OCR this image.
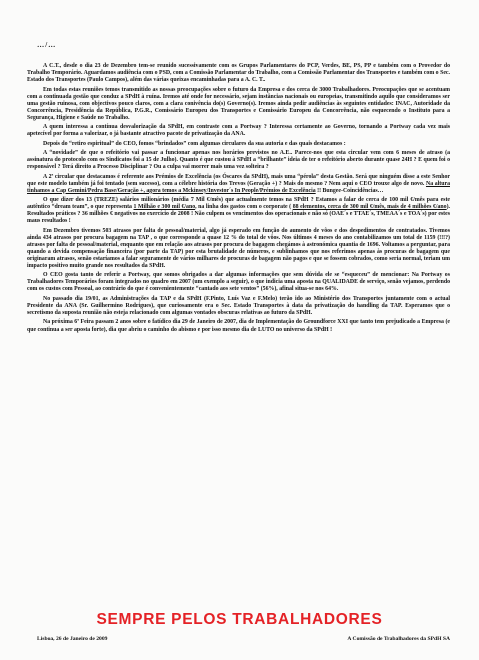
…/…

A C.T., desde o dia 23 de Dezembro tem-se reunido sucessivamente com os Grupos Parlamentares do PCP, Verdes, BE, PS, PP e também com o Provedor do Trabalho Temporário. Aguardamos audiência com o PSD, com a Comissão Parlamentar do Trabalho, com a Comissão Parlamentar dos Transportes e também com o Sec. Estado dos Transportes (Paulo Campos), além das várias queixas encaminhadas para a A. C. T..

Em todas estas reuniões temos transmitido as nossas preocupações sobre o futuro da Empresa e dos cerca de 3000 Trabalhadores. Preocupações que se acentuam com a continuada gestão que conduz a SPdH à ruína. Iremos até onde for necessário, sejam instâncias nacionais ou europeias, transmitindo aquilo que consideramos ser uma gestão ruinosa, com objectivos pouco claros, com a clara conivência do(s) Governo(s). Iremos ainda pedir audiências às seguintes entidades: INAC, Autoridade da Concorrência, Presidência da República, P.G.R., Comissário Europeu dos Transportes e Comissário Europeu da Concorrência, não esquecendo o Instituto para a Segurança, Higiene e Saúde no Trabalho.

A quem interessa a contínua desvalorização da SPdH, em contraste com a Portway ? Interessa certamente ao Governo, tornando a Portway cada vez mais apetecível por forma a valorizar, o já bastante atractivo pacote de privatização da ANA.

Depois do “retiro espiritual” do CEO, fomos “brindados” com algumas circulares da sua autoria e das quais destacamos :

A “novidade” de que o refeitório vai passar a funcionar apenas nos horários previstos no A.E.. Parece-nos que esta circular vem com 6 meses de atraso (a assinatura do protocolo com os Sindicatos foi a 15 de Julho). Quanto é que custou à SPdH a “brilhante” ideia de ter o refeitório aberto durante quase 24H ? E quem foi o responsável ? Terá direito a Processo Disciplinar ? Ou a culpa vai morrer mais uma vez solteira ?

A 2ª circular que destacamos é referente aos Prémios de Excelência (os Óscares da SPdH), mais uma “pérola” desta Gestão. Será que ninguém disse a este Senhor que este modelo também já foi tentado (sem sucesso), com a célebre história dos Trevos (Geração +) ? Mais do mesmo ? Nem aqui o CEO trouxe algo de novo. Na altura tinhamos a Cap Gemini/Pedra Base/Geração +, agora temos a Mckinsey/Investor´s In People/Prémios de Excelência !! Bungee-Coincidências…

O que dizer dos 13 (TREZE) salários milionários (média 7 Mil €/mês) que actualmente temos na SPdH ? Estamos a falar de cerca de 100 mil €/mês para este autêntico “dream team”, o que representa 1 Milhão e 300 mil €/ano, na linha dos gastos com o corporate ( 88 elementos, cerca de 300 mil €/mês, mais de 4 milhões €/ano). Resultados práticos ? 36 milhões € negativos no exercício de 2008 ! Não culpem os vencimentos dos operacionais e não só (OAE´s e TTAE´s, TMEAA´s e TOA´s) por estes maus resultados !

Em Dezembro tivemos 503 atrasos por falta de pessoal/material, algo já esperado em função do aumento de vôos e dos despedimentos de contratados. Tivemos ainda 434 atrasos por procura bagagem na TAP , o que corresponde a quase 12 % do total de vôos. Nos últimos 4 meses do ano contabilizamos um total de 1159 (!!!?) atrasos por falta de pessoal/material, enquanto que em relação aos atrasos por procura de bagagem chegámos à astronómica quantia de 1696. Voltamos a perguntar, para quando a devida compensação financeira (por parte da TAP) por esta brutalidade de números, e sublinhamos que nos referimos apenas às procuras de bagagem que originaram atrasos, senão estaríamos a falar seguramente de vários milhares de procuras de bagagem não pagos e que se fossem cobrados, como seria normal, teriam um impacto positivo muito grande nos resultados da SPdH.

O CEO gosta tanto de referir a Portway, que somos obrigados a dar algumas informações que sem dúvida ele se “esqueceu” de mencionar: Na Portway os Trabalhadores Temporários foram integrados no quadro em 2007 (um exemplo a seguir), o que indicia uma aposta na QUALIDADE de serviço, senão vejamos, perdendo com os custos com Pessoal, ao contrário do que é convenientemente “cantado aos sete ventos” (56%), afinal situa-se nos 64%.

No passado dia 19/01, as Administrações da TAP e da SPdH (F.Pinto, Luís Vaz e F.Melo) terão ido ao Ministério dos Transportes juntamente com o actual Presidente da ANA (Sr. Guilhermino Rodrigues), que curiosamente era o Sec. Estado Transportes à data da privatização do handling da TAP. Esperamos que o secretismo da suposta reunião não esteja relacionado com algumas vontades obscuras relativas ao futuro da SPdH.

Na próxima 6ª Feira passam 2 anos sobre o fatídico dia 29 de Janeiro de 2007, dia de Implementação do Groundforce XXI que tanto tem prejudicado a Empresa (e que continua a ser aposta forte), dia que abriu o caminho do abismo e por isso mesmo dia de LUTO no universo da SPdH !

SEMPRE PELOS TRABALHADORES
Lisboa, 26 de Janeiro de 2009	A Comissão de Trabalhadores da SPdH SA
